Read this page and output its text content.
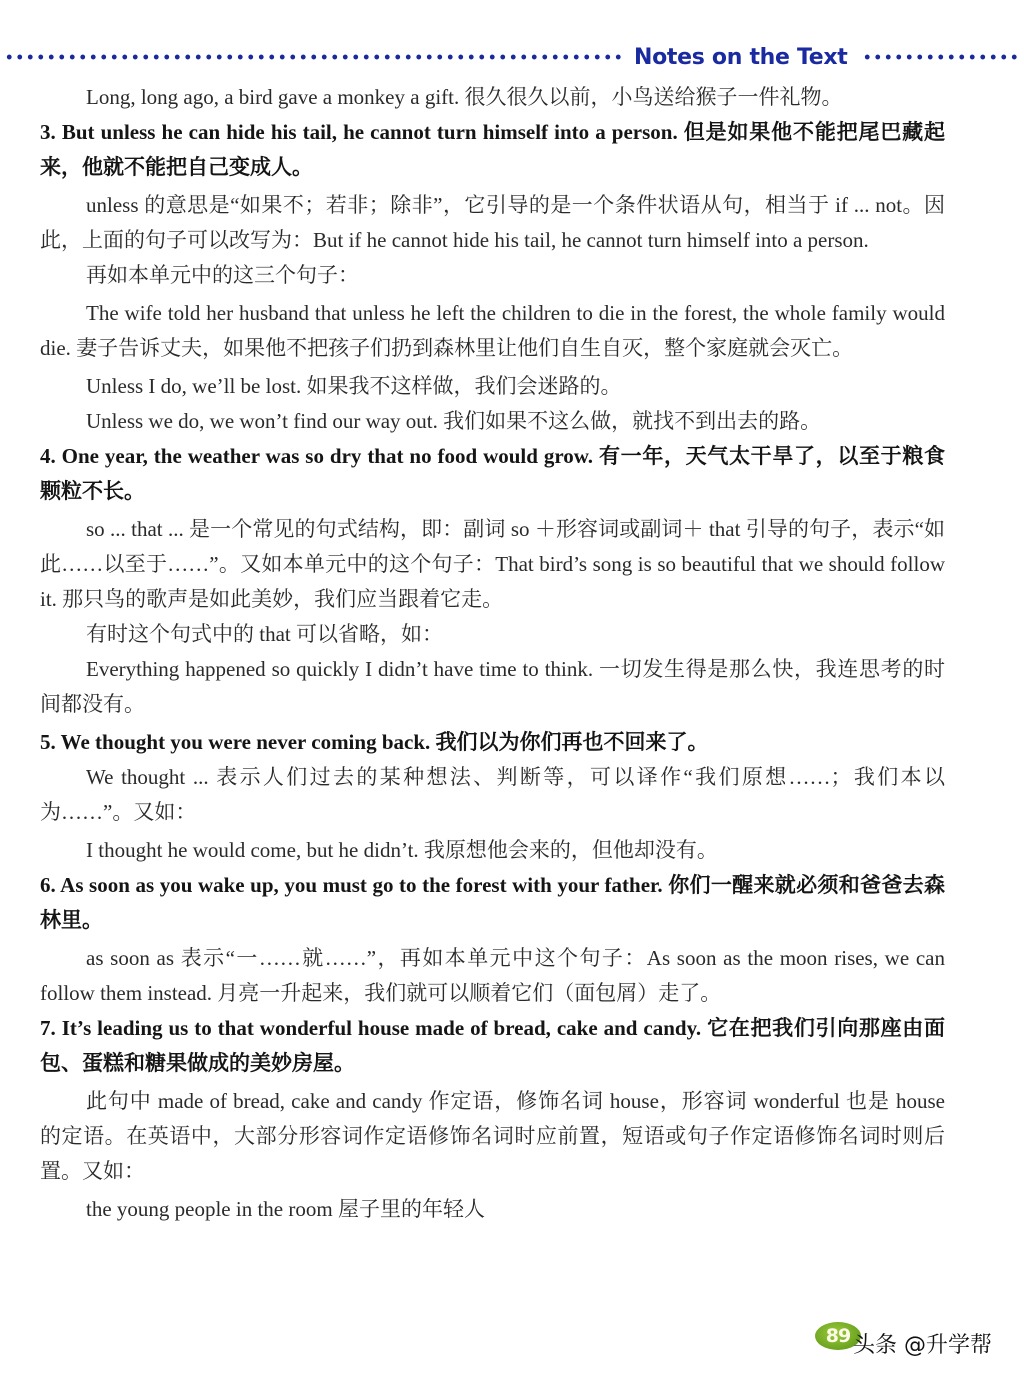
Notes on the Text

Long, long ago, a bird gave a monkey a gift. 很久很久以前，小鸟送给猴子一件礼物。

3. But unless he can hide his tail, he cannot turn himself into a person. 但是如果他不能把尾巴藏起来，他就不能把自己变成人。

unless 的意思是“如果不；若非；除非”，它引导的是一个条件状语从句，相当于 if ... not。因此，上面的句子可以改写为：But if he cannot hide his tail, he cannot turn himself into a person.

再如本单元中的这三个句子：

The wife told her husband that unless he left the children to die in the forest, the whole family would die. 妻子告诉丈夫，如果他不把孩子们扔到森林里让他们自生自灭，整个家庭就会灭亡。

Unless I do, we’ll be lost. 如果我不这样做，我们会迷路的。

Unless we do, we won’t find our way out. 我们如果不这么做，就找不到出去的路。

4. One year, the weather was so dry that no food would grow. 有一年，天气太干旱了，以至于粮食颗粒不长。

so ... that ... 是一个常见的句式结构，即：副词 so ＋形容词或副词＋ that 引导的句子，表示“如此……以至于……”。又如本单元中的这个句子：That bird’s song is so beautiful that we should follow it. 那只鸟的歌声是如此美妙，我们应当跟着它走。

有时这个句式中的 that 可以省略，如：

Everything happened so quickly I didn’t have time to think. 一切发生得是那么快，我连思考的时间都没有。

5. We thought you were never coming back. 我们以为你们再也不回来了。

We thought ... 表示人们过去的某种想法、判断等，可以译作“我们原想……；我们本以为……”。又如：

I thought he would come, but he didn’t. 我原想他会来的，但他却没有。

6. As soon as you wake up, you must go to the forest with your father. 你们一醒来就必须和爸爸去森林里。

as soon as 表示“一……就……”，再如本单元中这个句子：As soon as the moon rises, we can follow them instead. 月亮一升起来，我们就可以顺着它们（面包屑）走了。

7. It’s leading us to that wonderful house made of bread, cake and candy. 它在把我们引向那座由面包、蛋糕和糖果做成的美妙房屋。

此句中 made of bread, cake and candy 作定语，修饰名词 house，形容词 wonderful 也是 house 的定语。在英语中，大部分形容词作定语修饰名词时应前置，短语或句子作定语修饰名词时则后置。又如：

the young people in the room 屋子里的年轻人

89 头条 @升学帮
